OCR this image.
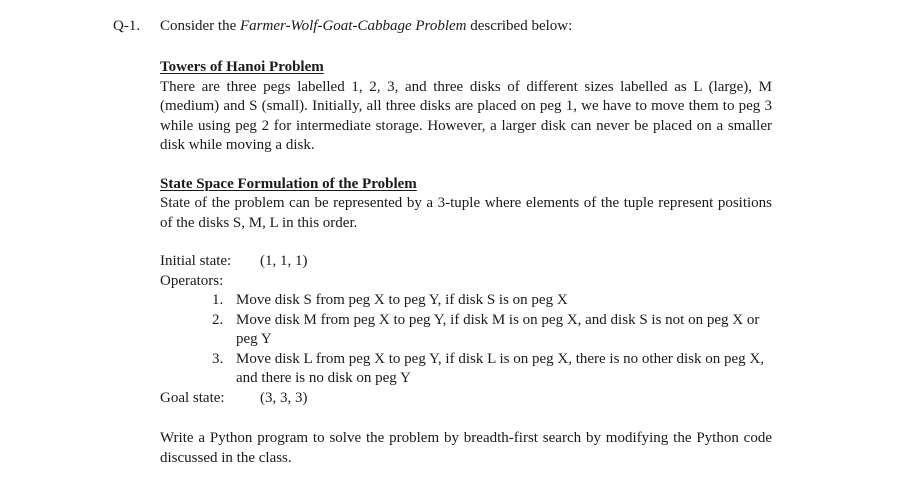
Q-1. Consider the Farmer-Wolf-Goat-Cabbage Problem described below:

Towers of Hanoi Problem

There are three pegs labelled 1, 2, 3, and three disks of different sizes labelled as L (large), M (medium) and S (small). Initially, all three disks are placed on peg 1, we have to move them to peg 3 while using peg 2 for intermediate storage. However, a larger disk can never be placed on a smaller disk while moving a disk.

State Space Formulation of the Problem

State of the problem can be represented by a 3-tuple where elements of the tuple represent positions of the disks S, M, L in this order.

Initial state:	(1, 1, 1)

Operators:

Move disk S from peg X to peg Y, if disk S is on peg X
Move disk M from peg X to peg Y, if disk M is on peg X, and disk S is not on peg X or peg Y
Move disk L from peg X to peg Y, if disk L is on peg X, there is no other disk on peg X, and there is no disk on peg Y
Goal state:	(3, 3, 3)

Write a Python program to solve the problem by breadth-first search by modifying the Python code discussed in the class.
